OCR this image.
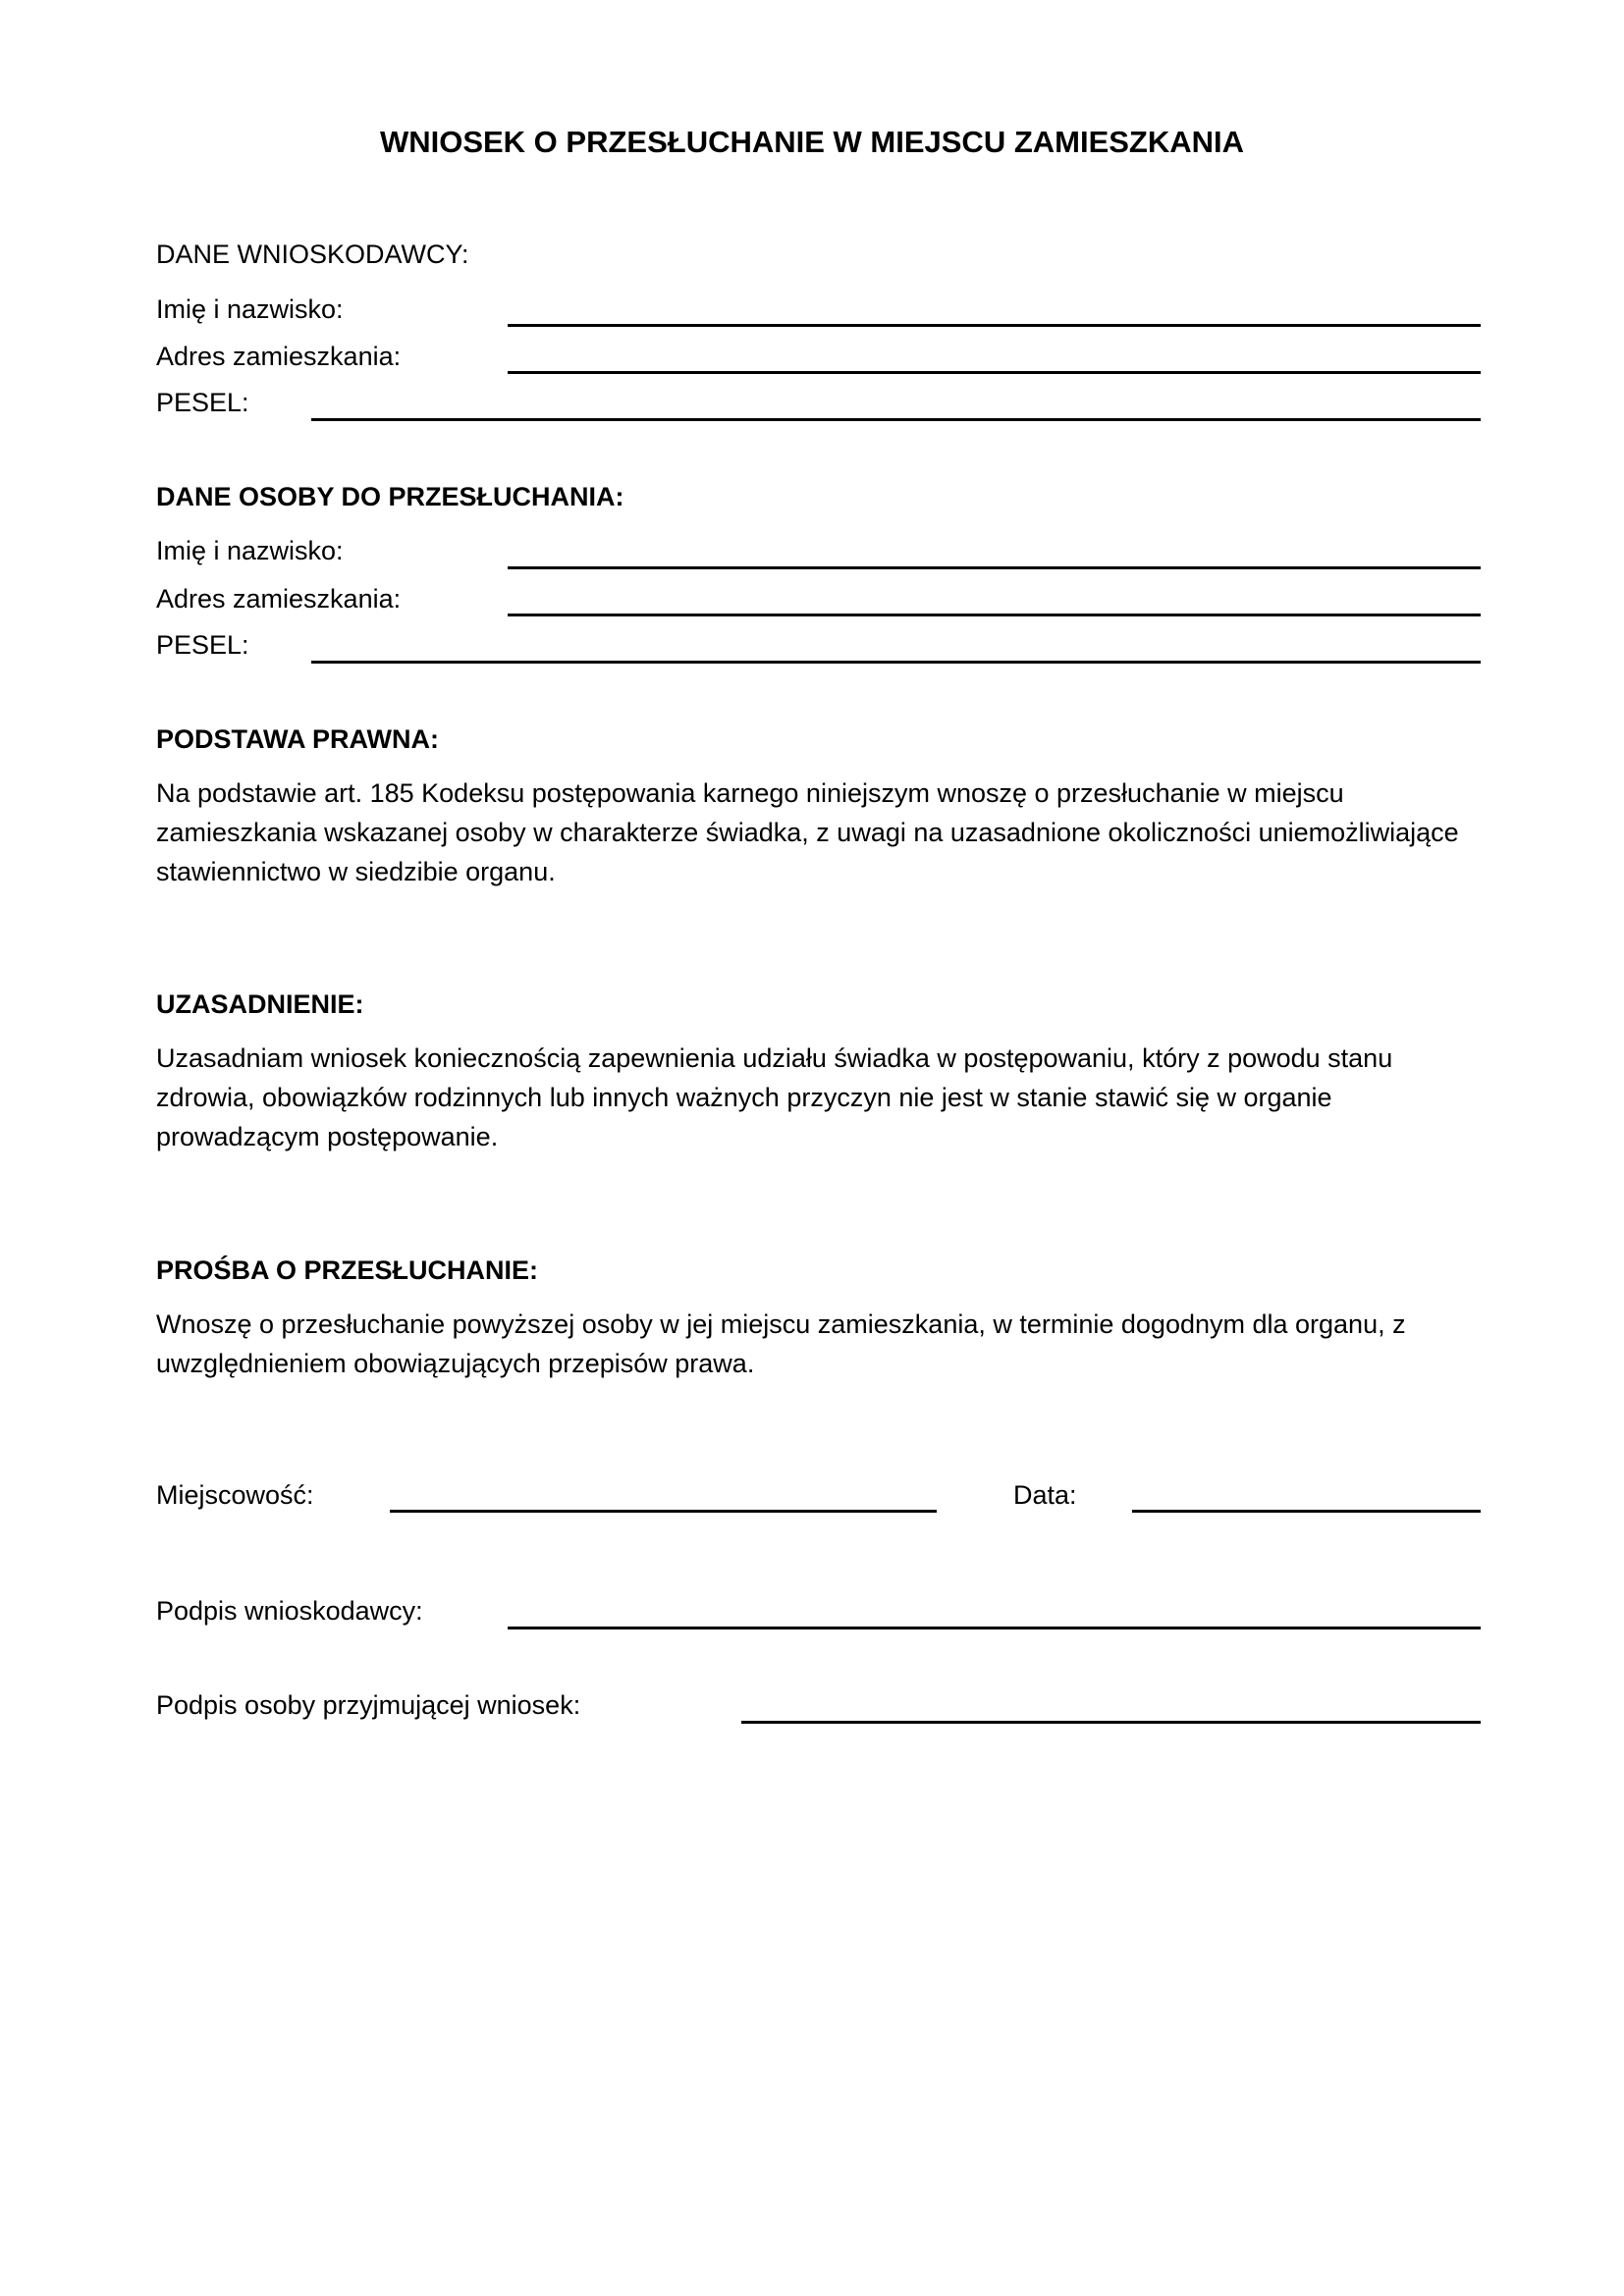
WNIOSEK O PRZESŁUCHANIE W MIEJSCU ZAMIESZKANIA
DANE WNIOSKODAWCY:
Imię i nazwisko:
Adres zamieszkania:
PESEL:
DANE OSOBY DO PRZESŁUCHANIA:
Imię i nazwisko:
Adres zamieszkania:
PESEL:
PODSTAWA PRAWNA:
Na podstawie art. 185 Kodeksu postępowania karnego niniejszym wnoszę o przesłuchanie w miejscu zamieszkania wskazanej osoby w charakterze świadka, z uwagi na uzasadnione okoliczności uniemożliwiające stawiennictwo w siedzibie organu.
UZASADNIENIE:
Uzasadniam wniosek koniecznością zapewnienia udziału świadka w postępowaniu, który z powodu stanu zdrowia, obowiązków rodzinnych lub innych ważnych przyczyn nie jest w stanie stawić się w organie prowadzącym postępowanie.
PROŚBA O PRZESŁUCHANIE:
Wnoszę o przesłuchanie powyższej osoby w jej miejscu zamieszkania, w terminie dogodnym dla organu, z uwzględnieniem obowiązujących przepisów prawa.
Miejscowość:	Data:
Podpis wnioskodawcy:
Podpis osoby przyjmującej wniosek:
